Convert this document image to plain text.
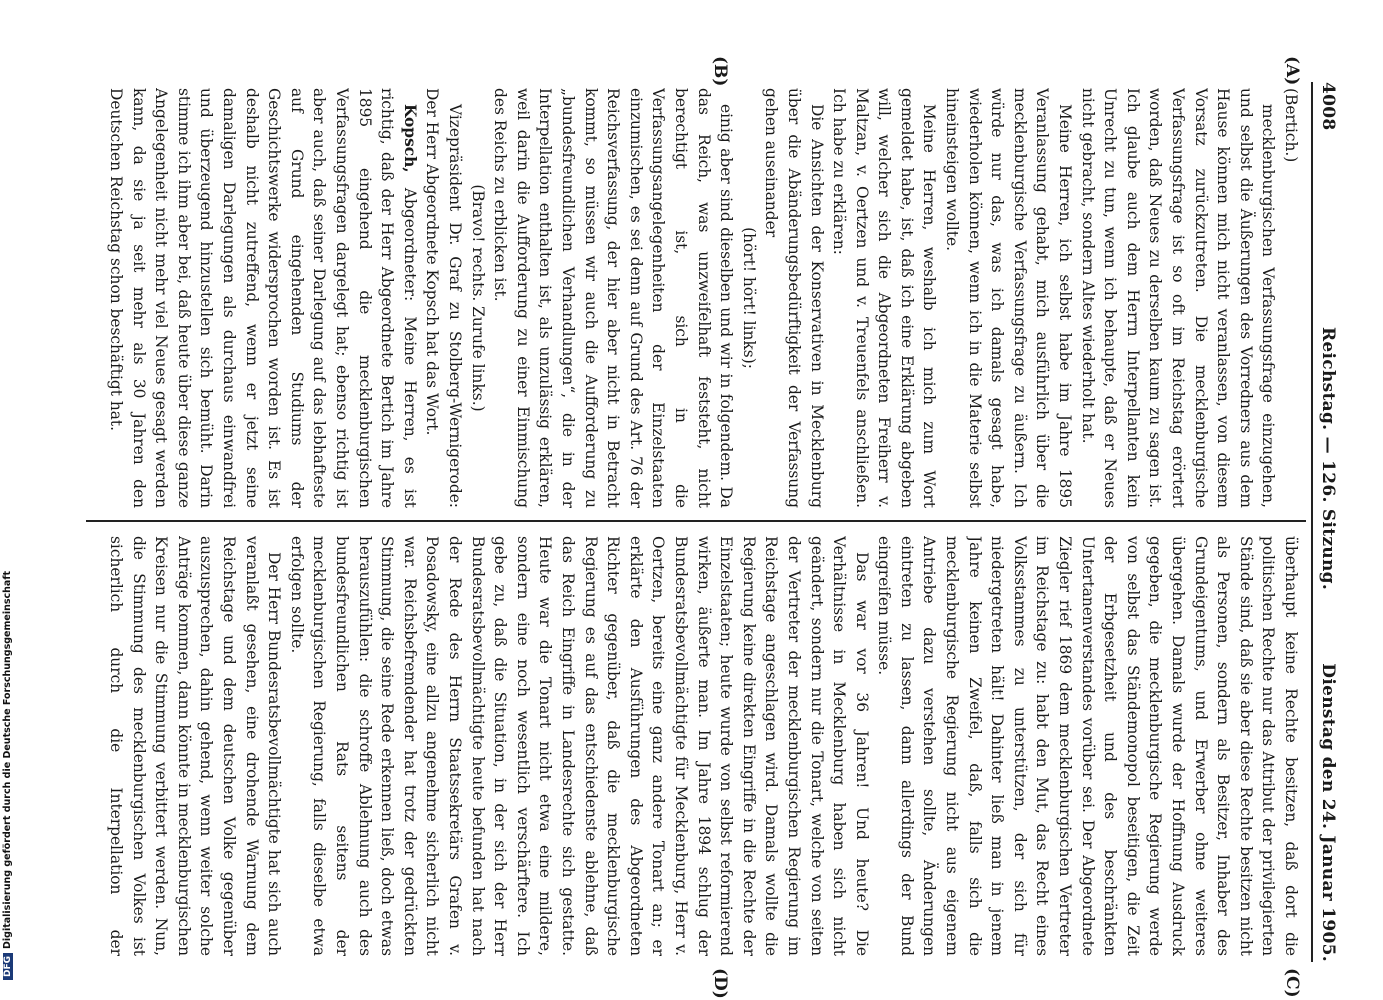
DFGDigitalisierung gefördert durch die Deutsche Forschungsgemeinschaft
4008
Reichstag. — 126. Sitzung.
Dienstag den 24. Januar 1905.
(A)
(B)
(C)
(D)

(Bertich.)

mecklenburgischen Verfassungsfrage einzugehen, und selbst die Äußerungen des Vorredners aus dem Hause können mich nicht veranlassen, von diesem Vorsatz zurückzutreten. Die mecklenburgische Verfassungsfrage ist so oft im Reichstag erörtert worden, daß Neues zu derselben kaum zu sagen ist. Ich glaube auch dem Herrn Interpellanten kein Unrecht zu tun, wenn ich behaupte, daß er Neues nicht gebracht, sondern Altes wiederholt hat.

Meine Herren, ich selbst habe im Jahre 1895 Veranlassung gehabt, mich ausführlich über die mecklenburgische Verfassungsfrage zu äußern. Ich würde nur das, was ich damals gesagt habe, wiederholen können, wenn ich in die Materie selbst hineinsteigen wollte.

Meine Herren, weshalb ich mich zum Wort gemeldet habe, ist, daß ich eine Erklärung abgeben will, welcher sich die Abgeordneten Freiherr v. Maltzan, v. Oertzen und v. Treuenfels anschließen. Ich habe zu erklären:

Die Ansichten der Konservativen in Mecklenburg über die Abänderungsbedürftigkeit der Verfassung gehen auseinander

(hört! hört! links);

einig aber sind dieselben und wir in folgendem. Da das Reich, was unzweifelhaft feststeht, nicht berechtigt ist, sich in die Verfassungsangelegenheiten der Einzelstaaten einzumischen, es sei denn auf Grund des Art. 76 der Reichsverfassung, der hier aber nicht in Betracht kommt, so müssen wir auch die Aufforderung zu „bundesfreundlichen Verhandlungen“, die in der Interpellation enthalten ist, als unzulässig erklären, weil darin die Aufforderung zu einer Einmischung des Reichs zu erblicken ist.

(Bravo! rechts. Zurufe links.)

Vizepräsident Dr. Graf zu Stolberg-Wernigerode: Der Herr Abgeordnete Kopsch hat das Wort.

Kopsch, Abgeordneter: Meine Herren, es ist richtig, daß der Herr Abgeordnete Bertich im Jahre 1895 eingehend die mecklenburgischen Verfassungsfragen dargelegt hat; ebenso richtig ist aber auch, daß seiner Darlegung auf das lebhafteste auf Grund eingehenden Studiums der Geschichtswerke widersprochen worden ist. Es ist deshalb nicht zutreffend, wenn er jetzt seine damaligen Darlegungen als durchaus einwandfrei und überzeugend hinzustellen sich bemüht. Darin stimme ich ihm aber bei, daß heute über diese ganze Angelegenheit nicht mehr viel Neues gesagt werden kann, da sie ja seit mehr als 30 Jahren den Deutschen Reichstag schon beschäftigt hat.

überhaupt keine Rechte besitzen, daß dort die politischen Rechte nur das Attribut der privilegierten Stände sind, daß sie aber diese Rechte besitzen nicht als Personen, sondern als Besitzer, Inhaber des Grundeigentums, und Erwerber ohne weiteres übergehen. Damals wurde der Hoffnung Ausdruck gegeben, die mecklenburgische Regierung werde von selbst das Ständemonopol beseitigen, die Zeit der Erbgesetzheit und des beschränkten Untertanenverstandes vorüber sei. Der Abgeordnete Ziegler rief 1869 dem mecklenburgischen Vertreter im Reichstage zu: habt den Mut, das Recht eines Volksstammes zu unterstützen, der sich für niedergetreten hält! Dahinter ließ man in jenem Jahre keinen Zweifel, daß, falls sich die mecklenburgische Regierung nicht aus eigenem Antriebe dazu verstehen sollte, Änderungen eintreten zu lassen, dann allerdings der Bund eingreifen müsse.

Das war vor 36 Jahren! Und heute? Die Verhältnisse in Mecklenburg haben sich nicht geändert, sondern nur die Tonart, welche von seiten der Vertreter der mecklenburgischen Regierung im Reichstage angeschlagen wird. Damals wollte die Regierung keine direkten Eingriffe in die Rechte der Einzelstaaten; heute wurde von selbst reformierend wirken, äußerte man. Im Jahre 1894 schlug der Bundesratsbevollmächtigte für Mecklenburg, Herr v. Oertzen, bereits eine ganz andere Tonart an; er erklärte den Ausführungen des Abgeordneten Richter gegenüber, daß die mecklenburgische Regierung es auf das entschiedenste ablehne, daß das Reich Eingriffe in Landesrechte sich gestatte. Heute war die Tonart nicht etwa eine mildere, sondern eine noch wesentlich verschärftere. Ich gebe zu, daß die Situation, in der sich der Herr Bundesratsbevollmächtigte heute befunden hat nach der Rede des Herrn Staatssekretärs Grafen v. Posadowsky, eine allzu angenehme sicherlich nicht war. Reichsbefremdender hat trotz der gedrückten Stimmung, die seine Rede erkennen ließ, doch etwas herauszufühlen: die schroffe Ablehnung auch des bundesfreundlichen Rats seitens der mecklenburgischen Regierung, falls dieselbe etwa erfolgen sollte.

Der Herr Bundesratsbevollmächtigte hat sich auch veranlaßt gesehen, eine drohende Warnung dem Reichstage und dem deutschen Volke gegenüber auszusprechen, dahin gehend, wenn weiter solche Anträge kommen, dann könnte in mecklenburgischen Kreisen nur die Stimmung verbittert werden. Nun, die Stimmung des mecklenburgischen Volkes ist sicherlich durch die Interpellation der
